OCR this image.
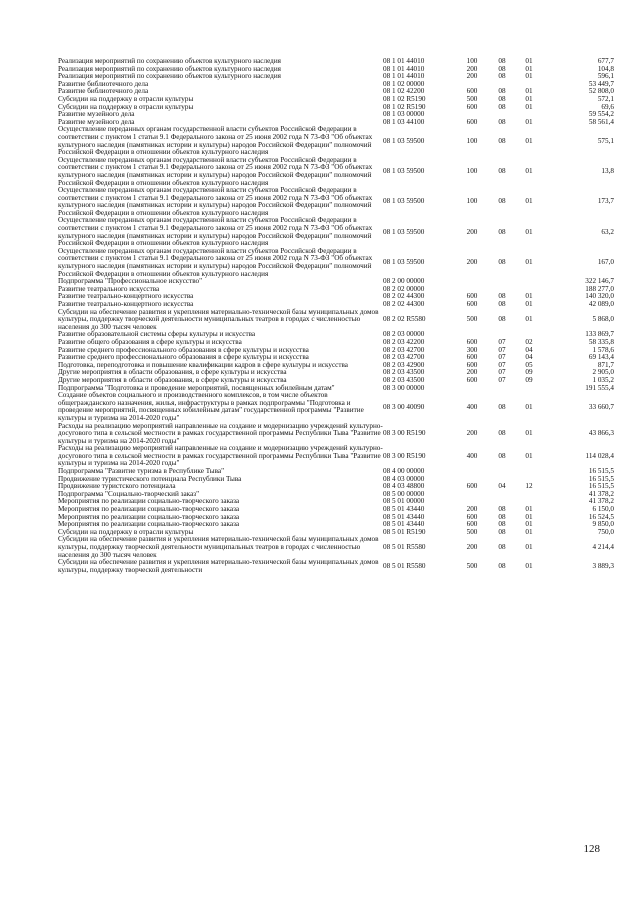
Реализация мероприятий по сохранению объектов культурного наследия	08 1 01 44010	100	08	01	677,7
Реализация мероприятий по сохранению объектов культурного наследия	08 1 01 44010	200	08	01	104,8
Реализация мероприятий по сохранению объектов культурного наследия	08 1 01 44010	200	08	01	596,1
Развитие библиотечного дела	08 1 02 00000				53 449,7
Развитие библиотечного дела	08 1 02 42200	600	08	01	52 808,0
Субсидии на поддержку в отрасли культуры	08 1 02 R5190	500	08	01	572,1
Субсидии на поддержку в отрасли культуры	08 1 02 R5190	600	08	01	69,6
Развитие музейного дела	08 1 03 00000				59 554,2
Развитие музейного дела	08 1 03 44100	600	08	01	58 561,4
Осуществление переданных органам государственной власти субъектов Российской Федерации в соответствии с пунктом 1 статьи 9.1 Федерального закона от 25 июня 2002 года N 73-ФЗ "Об объектах культурного наследия (памятниках истории и культуры) народов Российской Федерации" полномочий Российской Федерации в отношении объектов культурного наследия	08 1 03 59500	100	08	01	575,1
Осуществление переданных органам государственной власти субъектов Российской Федерации в соответствии с пунктом 1 статьи 9.1 Федерального закона от 25 июня 2002 года N 73-ФЗ "Об объектах культурного наследия (памятниках истории и культуры) народов Российской Федерации" полномочий Российской Федерации в отношении объектов культурного наследия	08 1 03 59500	100	08	01	13,8
Осуществление переданных органам государственной власти субъектов Российской Федерации в соответствии с пунктом 1 статьи 9.1 Федерального закона от 25 июня 2002 года N 73-ФЗ "Об объектах культурного наследия (памятниках истории и культуры) народов Российской Федерации" полномочий Российской Федерации в отношении объектов культурного наследия	08 1 03 59500	100	08	01	173,7
Осуществление переданных органам государственной власти субъектов Российской Федерации в соответствии с пунктом 1 статьи 9.1 Федерального закона от 25 июня 2002 года N 73-ФЗ "Об объектах культурного наследия (памятниках истории и культуры) народов Российской Федерации" полномочий Российской Федерации в отношении объектов культурного наследия	08 1 03 59500	200	08	01	63,2
Осуществление переданных органам государственной власти субъектов Российской Федерации в соответствии с пунктом 1 статьи 9.1 Федерального закона от 25 июня 2002 года N 73-ФЗ "Об объектах культурного наследия (памятниках истории и культуры) народов Российской Федерации" полномочий Российской Федерации в отношении объектов культурного наследия	08 1 03 59500	200	08	01	167,0
Подпрограмма "Профессиональное искусство"	08 2 00 00000				322 146,7
Развитие театрального искусства	08 2 02 00000				188 277,0
Развитие театрально-концертного искусства	08 2 02 44300	600	08	01	140 320,0
Развитие театрально-концертного искусства	08 2 02 44300	600	08	01	42 089,0
Субсидии на обеспечение развития и укрепления материально-технической базы муниципальных домов культуры, поддержку творческой деятельности муниципальных театров в городах с численностью населения до 300 тысяч человек	08 2 02 R5580	500	08	01	5 868,0
Развитие образовательной системы сферы культуры и искусства	08 2 03 00000				133 869,7
Развитие общего образования в сфере культуры и искусства	08 2 03 42200	600	07	02	58 335,8
Развитие среднего профессионального образования в сфере культуры и искусства	08 2 03 42700	300	07	04	1 578,6
Развитие среднего профессионального образования в сфере культуры и искусства	08 2 03 42700	600	07	04	69 143,4
Подготовка, переподготовка и повышение квалификации кадров в сфере культуры и искусства	08 2 03 42900	600	07	05	871,7
Другие мероприятия в области образования, в сфере культуры и искусства	08 2 03 43500	200	07	09	2 905,0
Другие мероприятия в области образования, в сфере культуры и искусства	08 2 03 43500	600	07	09	1 035,2
Подпрограмма "Подготовка и проведение мероприятий, посвященных юбилейным датам"	08 3 00 00000				191 555,4
Создание объектов социального и производственного комплексов, в том числе объектов общегражданского назначения, жилья, инфраструктуры в рамках подпрограммы "Подготовка и проведение мероприятий, посвященных юбилейным датам" государственной программы "Развитие культуры и туризма на 2014-2020 годы"	08 3 00 40090	400	08	01	33 660,7
Расходы на реализацию мероприятий направленные на создание и модернизацию учреждений культурно-досугового типа в сельской местности в рамках государственной программы Республики Тыва "Развитие культуры и туризма на 2014-2020 годы"	08 3 00 R5190	200	08	01	43 866,3
Расходы на реализацию мероприятий направленные на создание и модернизацию учреждений культурно-досугового типа в сельской местности в рамках государственной программы Республики Тыва "Развитие культуры и туризма на 2014-2020 годы"	08 3 00 R5190	400	08	01	114 028,4
Подпрограмма "Развитие туризма в Республике Тыва"	08 4 00 00000				16 515,5
Продвижение туристического потенциала Республики Тыва	08 4 03 00000				16 515,5
Продвижение туристского потенциала	08 4 03 48800	600	04	12	16 515,5
Подпрограмма "Социально-творческий заказ"	08 5 00 00000				41 378,2
Мероприятия по реализации социально-творческого заказа	08 5 01 00000				41 378,2
Мероприятия по реализации социально-творческого заказа	08 5 01 43440	200	08	01	6 150,0
Мероприятия по реализации социально-творческого заказа	08 5 01 43440	600	08	01	16 524,5
Мероприятия по реализации социально-творческого заказа	08 5 01 43440	600	08	01	9 850,0
Субсидии на поддержку в отрасли культуры	08 5 01 R5190	500	08	01	750,0
Субсидии на обеспечение развития и укрепления материально-технической базы муниципальных домов культуры, поддержку творческой деятельности муниципальных театров в городах с численностью населения до 300 тысяч человек	08 5 01 R5580	200	08	01	4 214,4
Субсидии на обеспечение развития и укрепления материально-технической базы муниципальных домов культуры, поддержку творческой деятельности	08 5 01 R5580	500	08	01	3 889,3
128
